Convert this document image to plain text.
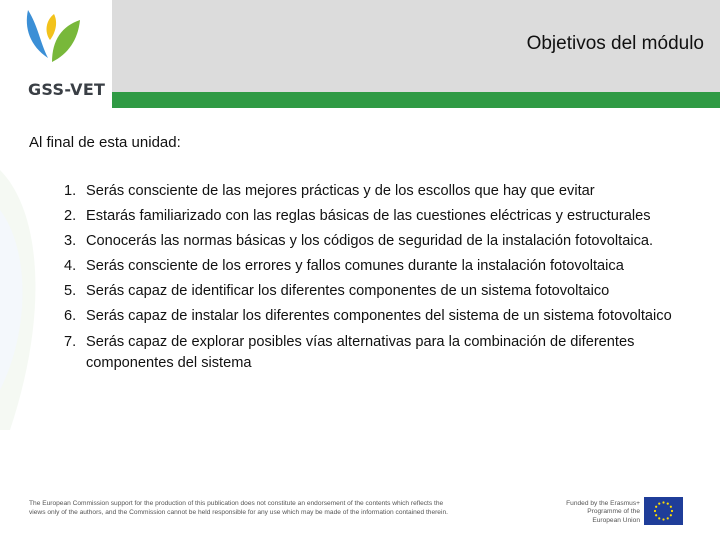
GSS-VET
Objetivos del módulo
Al final de esta unidad:
1. Serás consciente de las mejores prácticas y de los escollos que hay que evitar
2. Estarás familiarizado con las reglas básicas de las cuestiones eléctricas y estructurales
3. Conocerás las normas básicas y los códigos de seguridad de la instalación fotovoltaica.
4. Serás consciente de los errores y fallos comunes durante la instalación fotovoltaica
5. Serás capaz de identificar los diferentes componentes de un sistema fotovoltaico
6. Serás capaz de instalar los diferentes componentes del sistema de un sistema fotovoltaico
7. Serás capaz de explorar posibles vías alternativas para la combinación de diferentes componentes del sistema
The European Commission support for the production of this publication does not constitute an endorsement of the contents which reflects the views only of the authors, and the Commission cannot be held responsible for any use which may be made of the information contained therein.
Funded by the Erasmus+ Programme of the European Union
